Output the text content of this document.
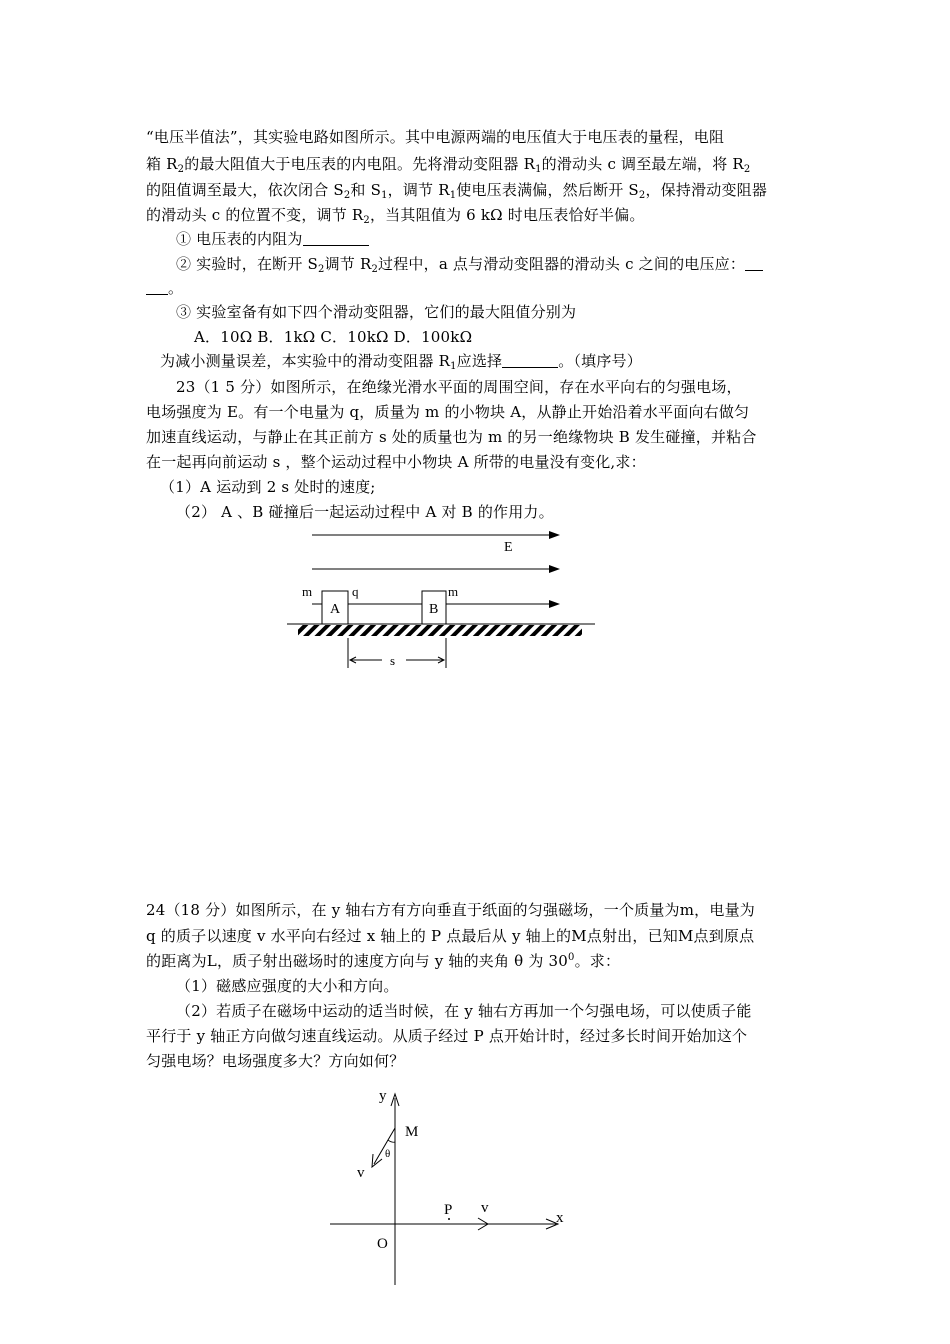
“电压半值法”，其实验电路如图所示。其中电源两端的电压值大于电压表的量程，电阻
箱 $R_2$的最大阻值大于电压表的内电阻。先将滑动变阻器 $R_1$的滑动头 c 调至最左端，将 $R_2$
的阻值调至最大，依次闭合 $S_2$和 $S_1$，调节 $R_1$使电压表满偏，然后断开 $S_2$，保持滑动变阻器
的滑动头 c 的位置不变，调节 $R_2$，当其阻值为 6 kΩ 时电压表恰好半偏。
① 电压表的内阻为
② 实验时，在断开 $S_2$调节 $R_2$过程中，a 点与滑动变阻器的滑动头 c 之间的电压应：
。
③ 实验室备有如下四个滑动变阻器，它们的最大阻值分别为
A．10Ω B．1kΩ C．10kΩ D．100kΩ
为减小测量误差，本实验中的滑动变阻器 $R_1$应选择	。（填序号）
23（1 5 分）如图所示，在绝缘光滑水平面的周围空间，存在水平向右的匀强电场，
电场强度为 E。有一个电量为 q，质量为 m 的小物块 A，从静止开始沿着水平面向右做匀
加速直线运动，与静止在其正前方 s 处的质量也为 m 的另一绝缘物块 B 发生碰撞，并粘合
在一起再向前运动 s ，整个运动过程中小物块 A 所带的电量没有变化,求：
（1）A 运动到 2 s 处时的速度;
（2） A 、B 碰撞后一起运动过程中 A 对 B 的作用力。
E
A
m	q
B
m
s
24（18 分）如图所示，在 y 轴右方有方向垂直于纸面的匀强磁场，一个质量为m，电量为
q 的质子以速度 v 水平向右经过 x 轴上的 P 点最后从 y 轴上的M点射出，已知M点到原点
的距离为L，质子射出磁场时的速度方向与 y 轴的夹角 θ 为 $30^0$。求：
（1）磁感应强度的大小和方向。
（2）若质子在磁场中运动的适当时候，在 y 轴右方再加一个匀强电场，可以使质子能
平行于 y 轴正方向做匀速直线运动。从质子经过 P 点开始计时，经过多长时间开始加这个
匀强电场？电场强度多大？方向如何？
y
x
O
M
θ
v
P v
